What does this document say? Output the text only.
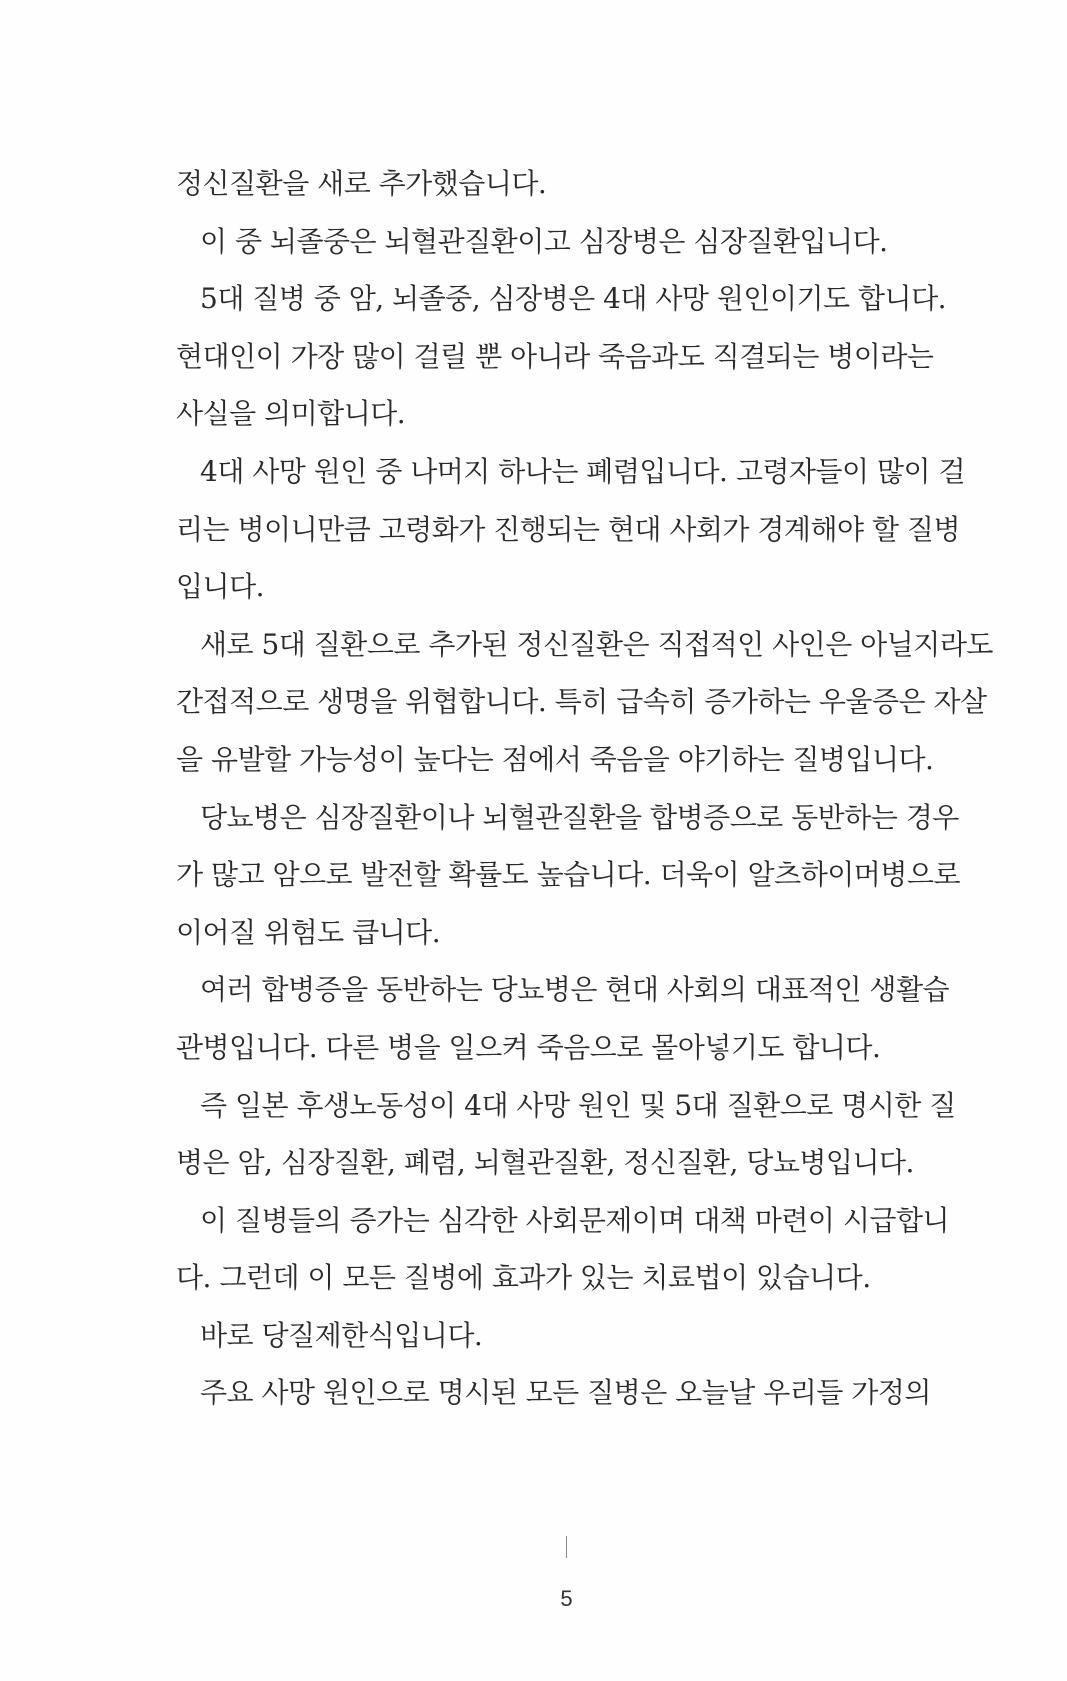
정신질환을 새로 추가했습니다.
이 중 뇌졸중은 뇌혈관질환이고 심장병은 심장질환입니다.
5대 질병 중 암, 뇌졸중, 심장병은 4대 사망 원인이기도 합니다.
현대인이 가장 많이 걸릴 뿐 아니라 죽음과도 직결되는 병이라는
사실을 의미합니다.
4대 사망 원인 중 나머지 하나는 폐렴입니다. 고령자들이 많이 걸
리는 병이니만큼 고령화가 진행되는 현대 사회가 경계해야 할 질병
입니다.
새로 5대 질환으로 추가된 정신질환은 직접적인 사인은 아닐지라도
간접적으로 생명을 위협합니다. 특히 급속히 증가하는 우울증은 자살
을 유발할 가능성이 높다는 점에서 죽음을 야기하는 질병입니다.
당뇨병은 심장질환이나 뇌혈관질환을 합병증으로 동반하는 경우
가 많고 암으로 발전할 확률도 높습니다. 더욱이 알츠하이머병으로
이어질 위험도 큽니다.
여러 합병증을 동반하는 당뇨병은 현대 사회의 대표적인 생활습
관병입니다. 다른 병을 일으켜 죽음으로 몰아넣기도 합니다.
즉 일본 후생노동성이 4대 사망 원인 및 5대 질환으로 명시한 질
병은 암, 심장질환, 폐렴, 뇌혈관질환, 정신질환, 당뇨병입니다.
이 질병들의 증가는 심각한 사회문제이며 대책 마련이 시급합니
다. 그런데 이 모든 질병에 효과가 있는 치료법이 있습니다.
바로 당질제한식입니다.
주요 사망 원인으로 명시된 모든 질병은 오늘날 우리들 가정의
5
